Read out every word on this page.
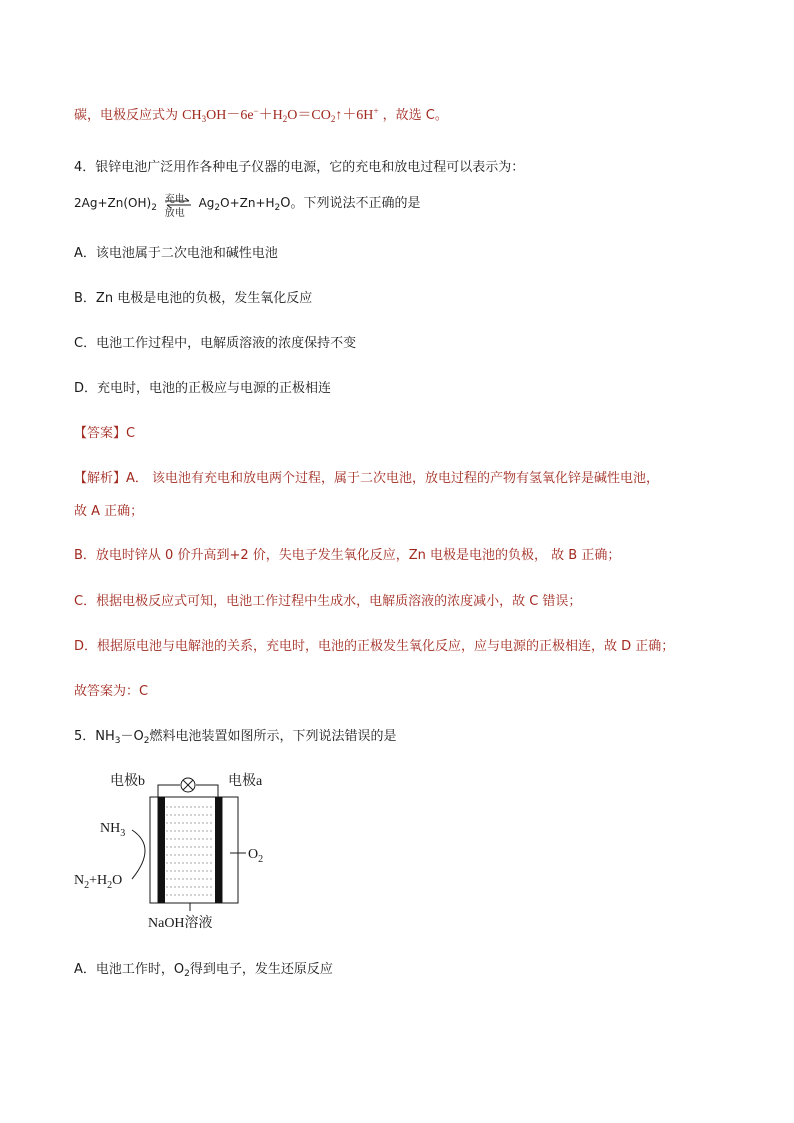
碳，电极反应式为 $CH_3OH-6e^-+H_2O=CO_2↑+6H^+$ ，故选 C。
4．银锌电池广泛用作各种电子仪器的电源，它的充电和放电过程可以表示为：
$2Ag+Zn(OH)_2$
充电
放电
$Ag_2O+Zn+H_2O$。下列说法不正确的是
A．该电池属于二次电池和碱性电池
B．Zn 电极是电池的负极，发生氧化反应
C．电池工作过程中，电解质溶液的浓度保持不变
D．充电时，电池的正极应与电源的正极相连
【答案】C
【解析】A． 该电池有充电和放电两个过程，属于二次电池，放电过程的产物有氢氧化锌是碱性电池，
故 A 正确；
B．放电时锌从 0 价升高到+2 价，失电子发生氧化反应，Zn 电极是电池的负极， 故 B 正确；
C．根据电极反应式可知，电池工作过程中生成水，电解质溶液的浓度减小，故 C 错误；
D．根据原电池与电解池的关系，充电时，电池的正极发生氧化反应，应与电源的正极相连，故 D 正确；
故答案为：C
5．$NH_3-O_2$燃料电池装置如图所示，下列说法错误的是
电极b	电极a
$NH_3$
$N_2+H_2O$
$O_2$
NaOH溶液
A．电池工作时，$O_2$得到电子，发生还原反应
